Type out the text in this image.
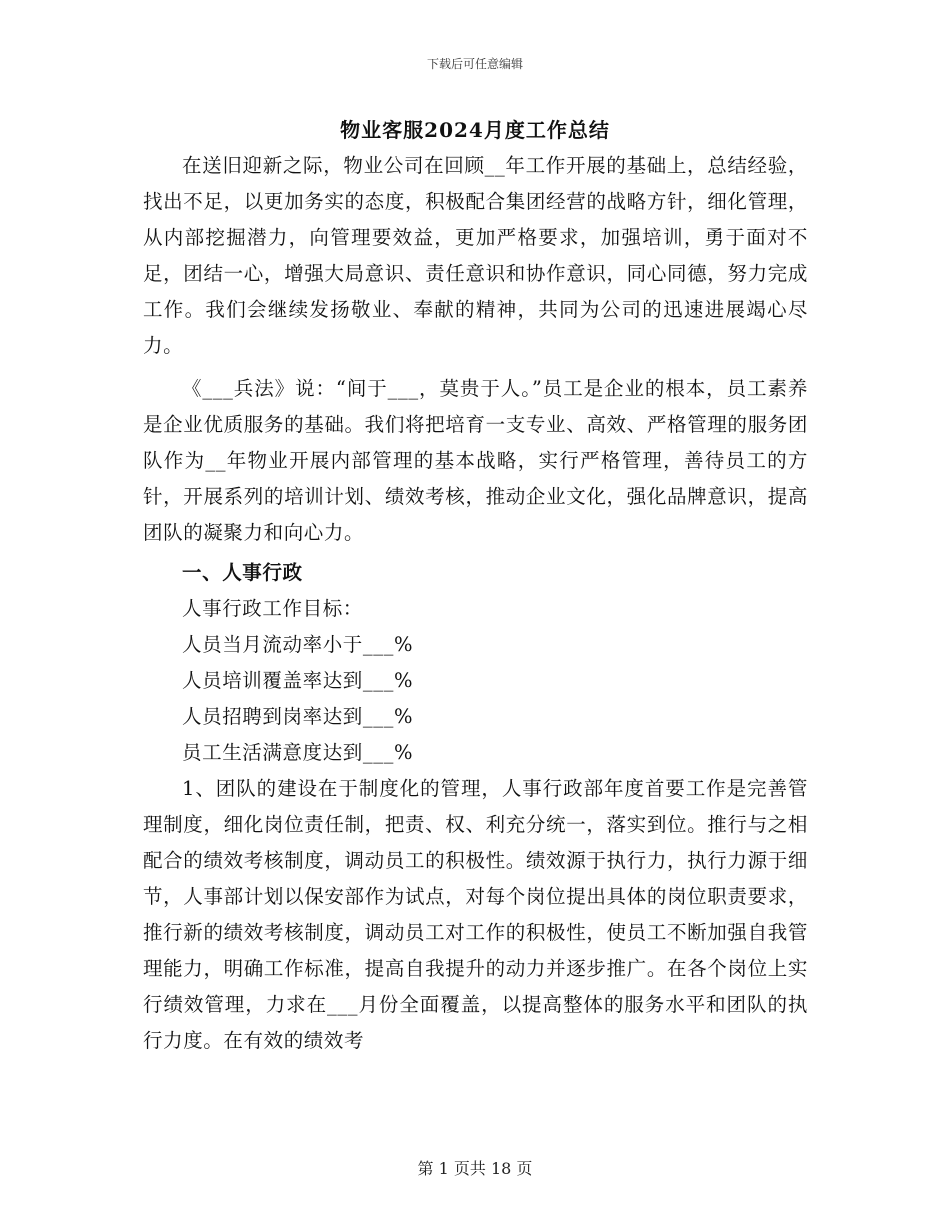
下载后可任意编辑
物业客服2024月度工作总结

在送旧迎新之际，物业公司在回顾__年工作开展的基础上，总结经验，找出不足，以更加务实的态度，积极配合集团经营的战略方针，细化管理，从内部挖掘潜力，向管理要效益，更加严格要求，加强培训，勇于面对不足，团结一心，增强大局意识、责任意识和协作意识，同心同德，努力完成工作。我们会继续发扬敬业、奉献的精神，共同为公司的迅速进展竭心尽力。

《___兵法》说：“间于___，莫贵于人。”员工是企业的根本，员工素养是企业优质服务的基础。我们将把培育一支专业、高效、严格管理的服务团队作为__年物业开展内部管理的基本战略，实行严格管理，善待员工的方针，开展系列的培训计划、绩效考核，推动企业文化，强化品牌意识，提高团队的凝聚力和向心力。

一、人事行政

人事行政工作目标：

人员当月流动率小于___%

人员培训覆盖率达到___%

人员招聘到岗率达到___%

员工生活满意度达到___%

1、团队的建设在于制度化的管理，人事行政部年度首要工作是完善管理制度，细化岗位责任制，把责、权、利充分统一，落实到位。推行与之相配合的绩效考核制度，调动员工的积极性。绩效源于执行力，执行力源于细节，人事部计划以保安部作为试点，对每个岗位提出具体的岗位职责要求，推行新的绩效考核制度，调动员工对工作的积极性，使员工不断加强自我管理能力，明确工作标准，提高自我提升的动力并逐步推广。在各个岗位上实行绩效管理，力求在___月份全面覆盖，以提高整体的服务水平和团队的执行力度。在有效的绩效考

第 1 页共 18 页
